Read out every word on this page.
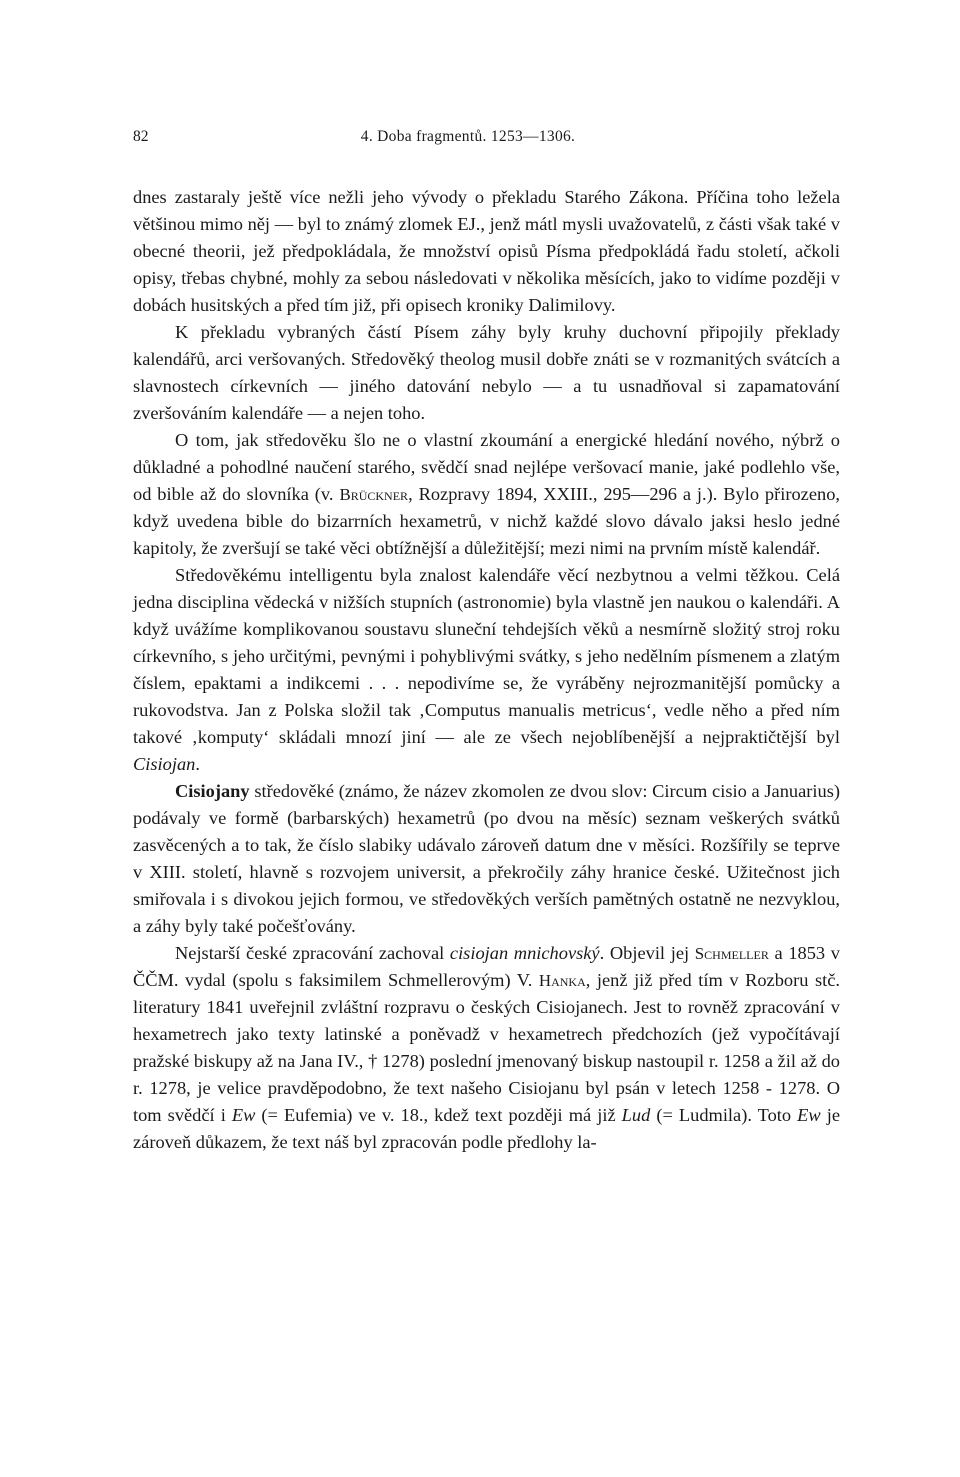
82	4. Doba fragmentů. 1253—1306.

dnes zastaraly ještě více nežli jeho vývody o překladu Starého Zákona. Příčina toho ležela většinou mimo něj — byl to známý zlomek EJ., jenž mátl mysli uvažovatelů, z části však také v obecné theorii, jež předpokládala, že množství opisů Písma předpokládá řadu století, ačkoli opisy, třebas chybné, mohly za sebou následovati v několika měsících, jako to vidíme později v dobách husitských a před tím již, při opisech kroniky Dalimilovy.

K překladu vybraných částí Písem záhy byly kruhy duchovní připojily překlady kalendářů, arci veršovaných. Středověký theolog musil dobře znáti se v rozmanitých svátcích a slavnostech církevních — jiného datování nebylo — a tu usnadňoval si zapamatování zveršováním kalendáře — a nejen toho.

O tom, jak středověku šlo ne o vlastní zkoumání a energické hledání nového, nýbrž o důkladné a pohodlné naučení starého, svědčí snad nejlépe veršovací manie, jaké podlehlo vše, od bible až do slovníka (v. Brückner, Rozpravy 1894, XXIII., 295—296 a j.). Bylo přirozeno, když uvedena bible do bizarrních hexametrů, v nichž každé slovo dávalo jaksi heslo jedné kapitoly, že zveršují se také věci obtížnější a důležitější; mezi nimi na prvním místě kalendář.

Středověkému intelligentu byla znalost kalendáře věcí nezbytnou a velmi těžkou. Celá jedna disciplina vědecká v nižších stupních (astronomie) byla vlastně jen naukou o kalendáři. A když uvážíme komplikovanou soustavu sluneční tehdejších věků a nesmírně složitý stroj roku církevního, s jeho určitými, pevnými i pohyblivými svátky, s jeho nedělním písmenem a zlatým číslem, epaktami a indikcemi . . . nepodivíme se, že vyráběny nejrozmanitější pomůcky a rukovodstva. Jan z Polska složil tak ‚Computus manualis metricus‘, vedle něho a před ním takové ‚komputy‘ skládali mnozí jiní — ale ze všech nejoblíbenější a nejpraktičtější byl Cisiojan.

Cisiojany středověké (známo, že název zkomolen ze dvou slov: Circum cisio a Januarius) podávaly ve formě (barbarských) hexametrů (po dvou na měsíc) seznam veškerých svátků zasvěcených a to tak, že číslo slabiky udávalo zároveň datum dne v měsíci. Rozšířily se teprve v XIII. století, hlavně s rozvojem universit, a překročily záhy hranice české. Užitečnost jich smiřovala i s divokou jejich formou, ve středověkých verších pamětných ostatně ne nezvyklou, a záhy byly také počešťovány.

Nejstarší české zpracování zachoval cisiojan mnichovský. Objevil jej Schmeller a 1853 v ČČM. vydal (spolu s faksimilem Schmellerovým) V. Hanka, jenž již před tím v Rozboru stč. literatury 1841 uveřejnil zvláštní rozpravu o českých Cisiojanech. Jest to rovněž zpracování v hexametrech jako texty latinské a poněvadž v hexametrech předchozích (jež vypočítávají pražské biskupy až na Jana IV., † 1278) poslední jmenovaný biskup nastoupil r. 1258 a žil až do r. 1278, je velice pravděpodobno, že text našeho Cisiojanu byl psán v letech 1258 - 1278. O tom svědčí i Ew (= Eufemia) ve v. 18., kdež text později má již Lud (= Ludmila). Toto Ew je zároveň důkazem, že text náš byl zpracován podle předlohy la-
